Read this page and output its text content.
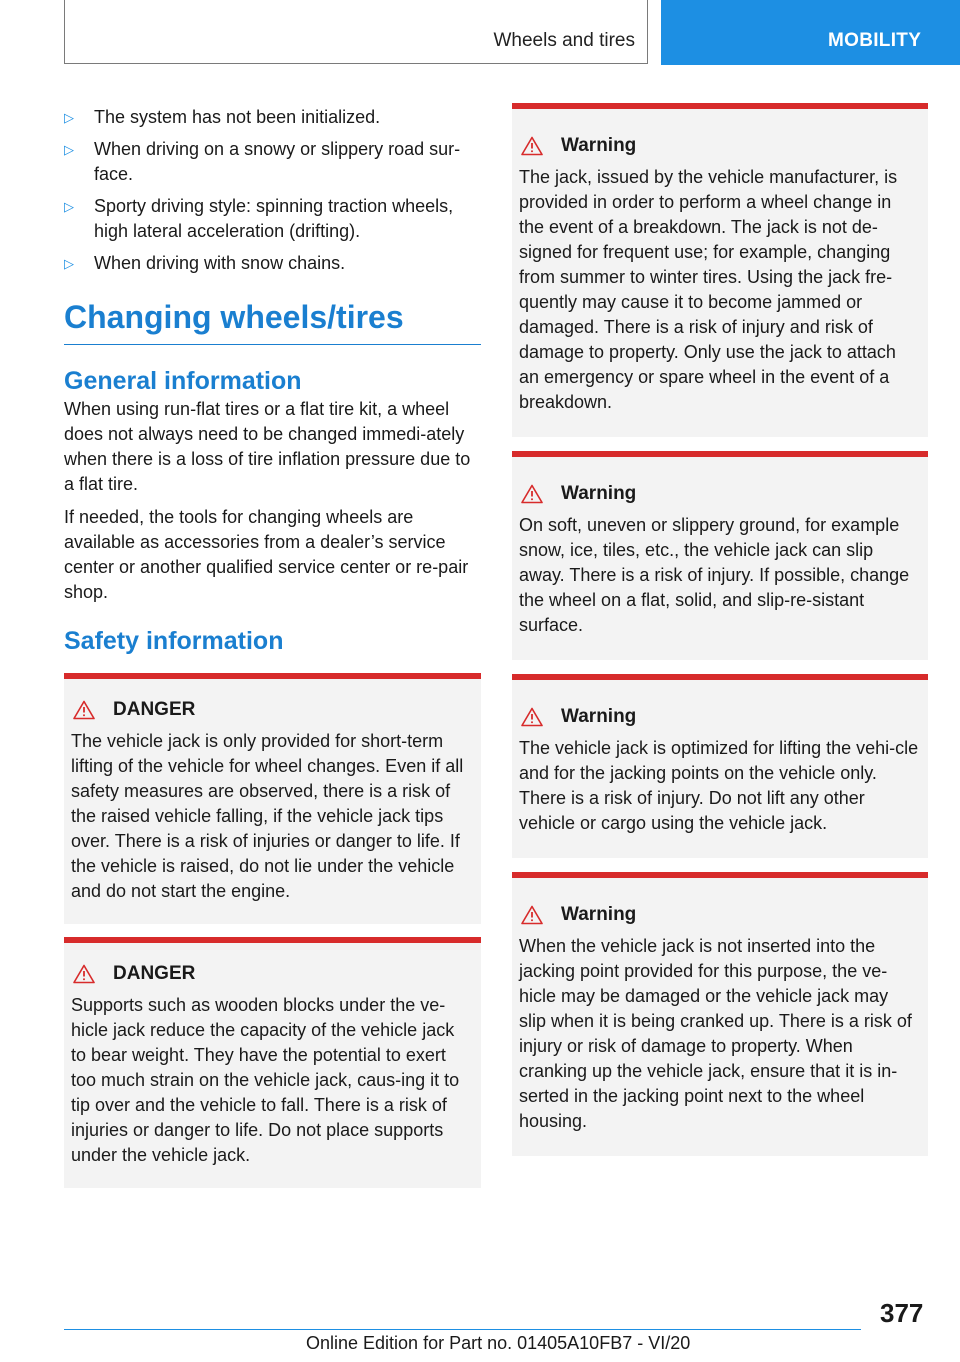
Wheels and tires	MOBILITY
▷ The system has not been initialized.
▷ When driving on a snowy or slippery road sur-face.
▷ Sporty driving style: spinning traction wheels, high lateral acceleration (drifting).
▷ When driving with snow chains.
Changing wheels/tires
General information

When using run-flat tires or a flat tire kit, a wheel does not always need to be changed immedi-ately when there is a loss of tire inflation pressure due to a flat tire.

If needed, the tools for changing wheels are available as accessories from a dealer’s service center or another qualified service center or re-pair shop.

Safety information
DANGER

The vehicle jack is only provided for short-term lifting of the vehicle for wheel changes. Even if all safety measures are observed, there is a risk of the raised vehicle falling, if the vehicle jack tips over. There is a risk of injuries or danger to life. If the vehicle is raised, do not lie under the vehicle and do not start the engine.

DANGER

Supports such as wooden blocks under the ve-hicle jack reduce the capacity of the vehicle jack to bear weight. They have the potential to exert too much strain on the vehicle jack, caus-ing it to tip over and the vehicle to fall. There is a risk of injuries or danger to life. Do not place supports under the vehicle jack.

Warning

The jack, issued by the vehicle manufacturer, is provided in order to perform a wheel change in the event of a breakdown. The jack is not de-signed for frequent use; for example, changing from summer to winter tires. Using the jack fre-quently may cause it to become jammed or damaged. There is a risk of injury and risk of damage to property. Only use the jack to attach an emergency or spare wheel in the event of a breakdown.

Warning

On soft, uneven or slippery ground, for example snow, ice, tiles, etc., the vehicle jack can slip away. There is a risk of injury. If possible, change the wheel on a flat, solid, and slip-re-sistant surface.

Warning

The vehicle jack is optimized for lifting the vehi-cle and for the jacking points on the vehicle only. There is a risk of injury. Do not lift any other vehicle or cargo using the vehicle jack.

Warning

When the vehicle jack is not inserted into the jacking point provided for this purpose, the ve-hicle may be damaged or the vehicle jack may slip when it is being cranked up. There is a risk of injury or risk of damage to property. When cranking up the vehicle jack, ensure that it is in-serted in the jacking point next to the wheel housing.

377
Online Edition for Part no. 01405A10FB7 - VI/20
